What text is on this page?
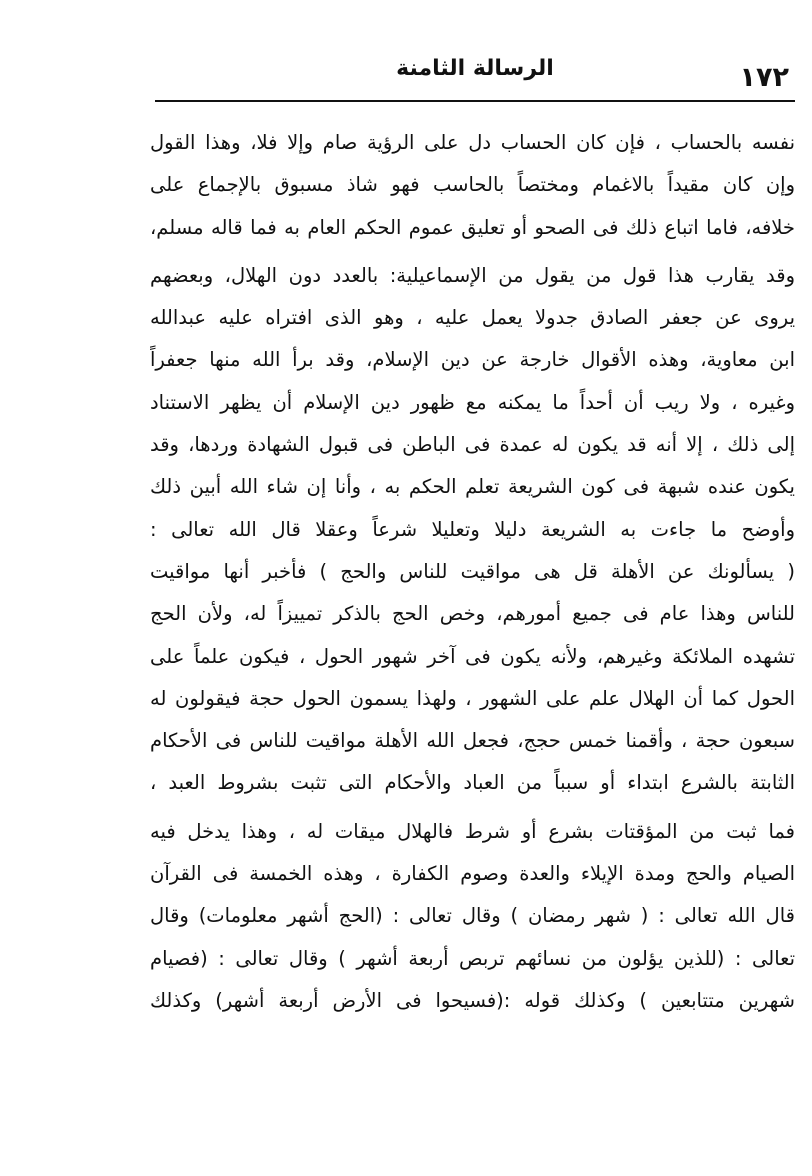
الرسالة الثامنة	١٧٢
نفسه بالحساب ، فإن كان الحساب دل على الرؤية صام وإلا فلا، وهذا القول
وإن كان مقيداً بالاغمام ومختصاً بالحاسب فهو شاذ مسبوق بالإجماع على
خلافه، فاما اتباع ذلك فى الصحو أو تعليق عموم الحكم العام به فما قاله مسلم،
وقد يقارب هذا قول من يقول من الإسماعيلية: بالعدد دون الهلال، وبعضهم
يروى عن جعفر الصادق جدولا يعمل عليه ، وهو الذى افتراه عليه عبدالله
ابن معاوية، وهذه الأقوال خارجة عن دين الإسلام، وقد برأ الله منها جعفراً
وغيره ، ولا ريب أن أحداً ما يمكنه مع ظهور دين الإسلام أن يظهر الاستناد
إلى ذلك ، إلا أنه قد يكون له عمدة فى الباطن فى قبول الشهادة وردها، وقد
يكون عنده شبهة فى كون الشريعة تعلم الحكم به ، وأنا إن شاء الله أبين ذلك
وأوضح ما جاءت به الشريعة دليلا وتعليلا شرعاً وعقلا قال الله تعالى :
( يسألونك عن الأهلة قل هى مواقيت للناس والحج ) فأخبر أنها مواقيت
للناس وهذا عام فى جميع أمورهم، وخص الحج بالذكر تمييزاً له، ولأن الحج
تشهده الملائكة وغيرهم، ولأنه يكون فى آخر شهور الحول ، فيكون علماً على
الحول كما أن الهلال علم على الشهور ، ولهذا يسمون الحول حجة فيقولون له
سبعون حجة ، وأقمنا خمس حجج، فجعل الله الأهلة مواقيت للناس فى الأحكام
الثابتة بالشرع ابتداء أو سبباً من العباد والأحكام التى تثبت بشروط العبد ،
فما ثبت من المؤقتات بشرع أو شرط فالهلال ميقات له ، وهذا يدخل فيه
الصيام والحج ومدة الإيلاء والعدة وصوم الكفارة ، وهذه الخمسة فى القرآن
قال الله تعالى : ( شهر رمضان ) وقال تعالى : (الحج أشهر معلومات) وقال
تعالى : (للذين يؤلون من نسائهم تربص أربعة أشهر ) وقال تعالى : (فصيام
شهرين متتابعين ) وكذلك قوله :(فسيحوا فى الأرض أربعة أشهر) وكذلك
